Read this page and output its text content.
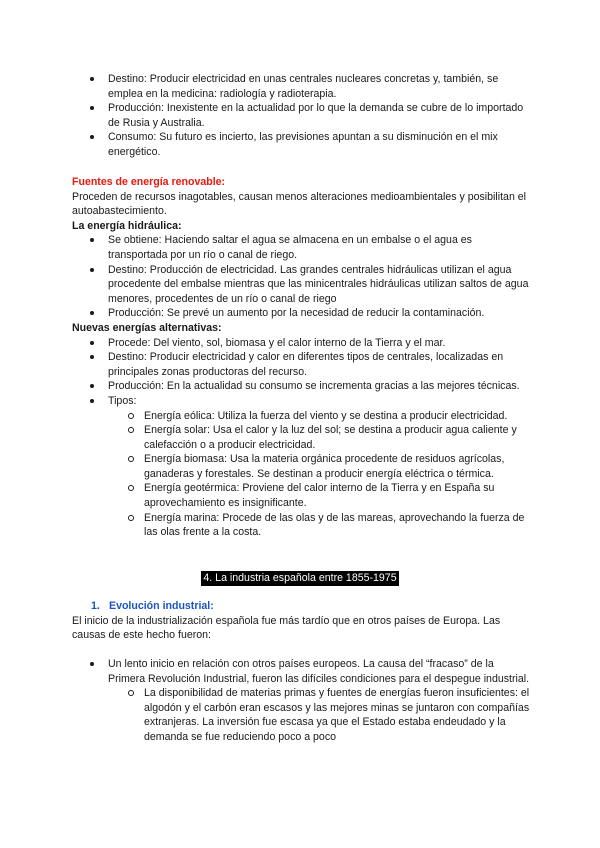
Destino: Producir electricidad en unas centrales nucleares concretas y, también, se emplea en la medicina: radiología y radioterapia.
Producción: Inexistente en la actualidad por lo que la demanda se cubre de lo importado de Rusia y Australia.
Consumo: Su futuro es incierto, las previsiones apuntan a su disminución en el mix energético.
Fuentes de energía renovable:
Proceden de recursos inagotables, causan menos alteraciones medioambientales y posibilitan el autoabastecimiento.
La energía hidráulica:
Se obtiene: Haciendo saltar el agua se almacena en un embalse o el agua es transportada por un río o canal de riego.
Destino: Producción de electricidad. Las grandes centrales hidráulicas utilizan el agua procedente del embalse mientras que las minicentrales hidráulicas utilizan saltos de agua menores, procedentes de un río o canal de riego
Producción: Se prevé un aumento por la necesidad de reducir la contaminación.
Nuevas energías alternativas:
Procede: Del viento, sol, biomasa y el calor interno de la Tierra y el mar.
Destino: Producir electricidad y calor en diferentes tipos de centrales, localizadas en principales zonas productoras del recurso.
Producción: En la actualidad su consumo se incrementa gracias a las mejores técnicas.
Tipos:
Energía eólica: Utiliza la fuerza del viento y se destina a producir electricidad.
Energía solar: Usa el calor y la luz del sol; se destina a producir agua caliente y calefacción o a producir electricidad.
Energía biomasa: Usa la materia orgánica procedente de residuos agrícolas, ganaderas y forestales. Se destinan a producir energía eléctrica o térmica.
Energía geotérmica: Proviene del calor interno de la Tierra y en España su aprovechamiento es insignificante.
Energía marina: Procede de las olas y de las mareas, aprovechando la fuerza de las olas frente a la costa.
4. La industria española entre 1855-1975
1. Evolución industrial:
El inicio de la industrialización española fue más tardío que en otros países de Europa. Las causas de este hecho fueron:
Un lento inicio en relación con otros países europeos. La causa del “fracaso” de la Primera Revolución Industrial, fueron las difíciles condiciones para el despegue industrial.
La disponibilidad de materias primas y fuentes de energías fueron insuficientes: el algodón y el carbón eran escasos y las mejores minas se juntaron con compañías extranjeras. La inversión fue escasa ya que el Estado estaba endeudado y la demanda se fue reduciendo poco a poco
